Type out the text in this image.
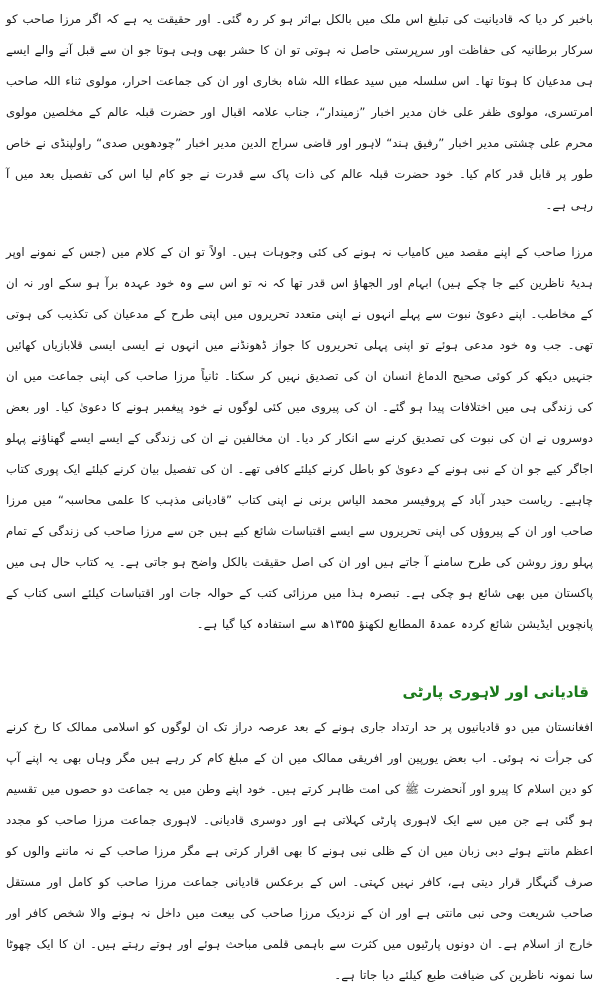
باخبر کر دیا کہ قادیانیت کی تبلیغ اس ملک میں بالکل بےاثر ہو کر رہ گئی۔ اور حقیقت یہ ہے کہ اگر مرزا صاحب کو سرکار برطانیہ کی حفاظت اور سرپرستی حاصل نہ ہوتی تو ان کا حشر بھی وہی ہوتا جو ان سے قبل آنے والے ایسے ہی مدعیان کا ہوتا تھا۔ اس سلسلہ میں سید عطاء اللہ شاہ بخاری اور ان کی جماعت احرار، مولوی ثناء اللہ صاحب امرتسری، مولوی ظفر علی خان مدیر اخبار ”زمیندار“، جناب علامہ اقبال اور حضرت قبلہ عالم کے مخلصین مولوی محرم علی چشتی مدیر اخبار ”رفیق ہند“ لاہور اور قاضی سراج الدین مدیر اخبار ”چودھویں صدی“ راولپنڈی نے خاص طور پر قابل قدر کام کیا۔ خود حضرت قبلہ عالم کی ذات پاک سے قدرت نے جو کام لیا اس کی تفصیل بعد میں آ رہی ہے۔

مرزا صاحب کے اپنے مقصد میں کامیاب نہ ہونے کی کئی وجوہات ہیں۔ اولاً تو ان کے کلام میں (جس کے نمونے اوپر ہدیۂ ناظرین کیے جا چکے ہیں) ابہام اور الجھاؤ اس قدر تھا کہ نہ تو اس سے وہ خود عہدہ برآ ہو سکے اور نہ ان کے مخاطب۔ اپنے دعویٔ نبوت سے پہلے انہوں نے اپنی متعدد تحریروں میں اپنی طرح کے مدعیان کی تکذیب کی ہوتی تھی۔ جب وہ خود مدعی ہوئے تو اپنی پہلی تحریروں کا جواز ڈھونڈنے میں انہوں نے ایسی ایسی قلابازیاں کھائیں جنہیں دیکھ کر کوئی صحیح الدماغ انسان ان کی تصدیق نہیں کر سکتا۔ ثانیاً مرزا صاحب کی اپنی جماعت میں ان کی زندگی ہی میں اختلافات پیدا ہو گئے۔ ان کی پیروی میں کئی لوگوں نے خود پیغمبر ہونے کا دعویٰ کیا۔ اور بعض دوسروں نے ان کی نبوت کی تصدیق کرنے سے انکار کر دیا۔ ان مخالفین نے ان کی زندگی کے ایسے ایسے گھناؤنے پہلو اجاگر کیے جو ان کے نبی ہونے کے دعویٰ کو باطل کرنے کیلئے کافی تھے۔ ان کی تفصیل بیان کرنے کیلئے ایک پوری کتاب چاہیے۔ ریاست حیدر آباد کے پروفیسر محمد الیاس برنی نے اپنی کتاب ”قادیانی مذہب کا علمی محاسبہ“ میں مرزا صاحب اور ان کے پیروؤں کی اپنی تحریروں سے ایسے اقتباسات شائع کیے ہیں جن سے مرزا صاحب کی زندگی کے تمام پہلو روز روشن کی طرح سامنے آ جاتے ہیں اور ان کی اصل حقیقت بالکل واضح ہو جاتی ہے۔ یہ کتاب حال ہی میں پاکستان میں بھی شائع ہو چکی ہے۔ تبصرہ ہذا میں مرزائی کتب کے حوالہ جات اور اقتباسات کیلئے اسی کتاب کے پانچویں ایڈیشن شائع کردہ عمدۃ المطابع لکھنؤ ۱۳۵۵ھ سے استفادہ کیا گیا ہے۔

قادیانی اور لاہوری پارٹی

افغانستان میں دو قادیانیوں پر حد ارتداد جاری ہونے کے بعد عرصہ دراز تک ان لوگوں کو اسلامی ممالک کا رخ کرنے کی جرأت نہ ہوئی۔ اب بعض یورپین اور افریقی ممالک میں ان کے مبلغ کام کر رہے ہیں مگر وہاں بھی یہ اپنے آپ کو دین اسلام کا پیرو اور آنحضرت ﷺ کی امت ظاہر کرتے ہیں۔ خود اپنے وطن میں یہ جماعت دو حصوں میں تقسیم ہو گئی ہے جن میں سے ایک لاہوری پارٹی کہلاتی ہے اور دوسری قادیانی۔ لاہوری جماعت مرزا صاحب کو مجدد اعظم مانتے ہوئے دبی زبان میں ان کے ظلی نبی ہونے کا بھی اقرار کرتی ہے مگر مرزا صاحب کے نہ ماننے والوں کو صرف گنہگار قرار دیتی ہے، کافر نہیں کہتی۔ اس کے برعکس قادیانی جماعت مرزا صاحب کو کامل اور مستقل صاحب شریعت وحی نبی مانتی ہے اور ان کے نزدیک مرزا صاحب کی بیعت میں داخل نہ ہونے والا شخص کافر اور خارج از اسلام ہے۔ ان دونوں پارٹیوں میں کثرت سے باہمی قلمی مباحث ہوئے اور ہوتے رہتے ہیں۔ ان کا ایک چھوٹا سا نمونہ ناظرین کی ضیافت طبع کیلئے دیا جاتا ہے۔
